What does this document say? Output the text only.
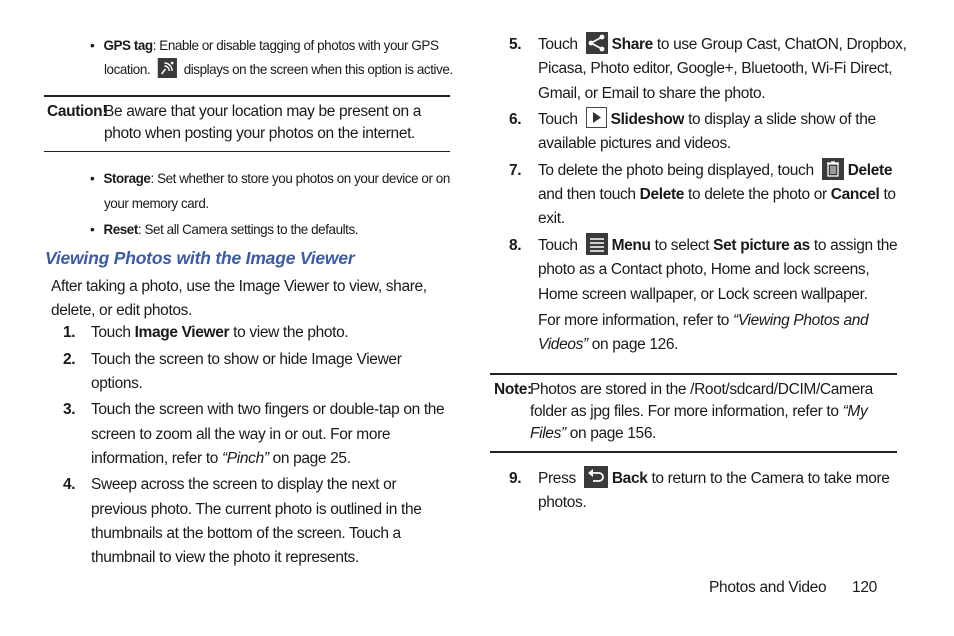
• GPS tag: Enable or disable tagging of photos with your GPS
location. displays on the screen when this option is active.
Caution!
Be aware that your location may be present on a
photo when posting your photos on the internet.
• Storage: Set whether to store you photos on your device or on
your memory card.
• Reset: Set all Camera settings to the defaults.
Viewing Photos with the Image Viewer
After taking a photo, use the Image Viewer to view, share,
delete, or edit photos.
1. Touch Image Viewer to view the photo.
2. Touch the screen to show or hide Image Viewer
options.
3. Touch the screen with two fingers or double-tap on the
screen to zoom all the way in or out. For more
information, refer to “Pinch” on page 25.
4. Sweep across the screen to display the next or
previous photo. The current photo is outlined in the
thumbnails at the bottom of the screen. Touch a
thumbnail to view the photo it represents.
5. Touch Share to use Group Cast, ChatON, Dropbox,
Picasa, Photo editor, Google+, Bluetooth, Wi-Fi Direct,
Gmail, or Email to share the photo.
6. Touch Slideshow to display a slide show of the
available pictures and videos.
7. To delete the photo being displayed, touch Delete
and then touch Delete to delete the photo or Cancel to
exit.
8. Touch Menu to select Set picture as to assign the
photo as a Contact photo, Home and lock screens,
Home screen wallpaper, or Lock screen wallpaper.
For more information, refer to “Viewing Photos and
Videos” on page 126.
Note:
Photos are stored in the /Root/sdcard/DCIM/Camera
folder as jpg files. For more information, refer to “My
Files” on page 156.
9. Press Back to return to the Camera to take more
photos.
Photos and Video 120
